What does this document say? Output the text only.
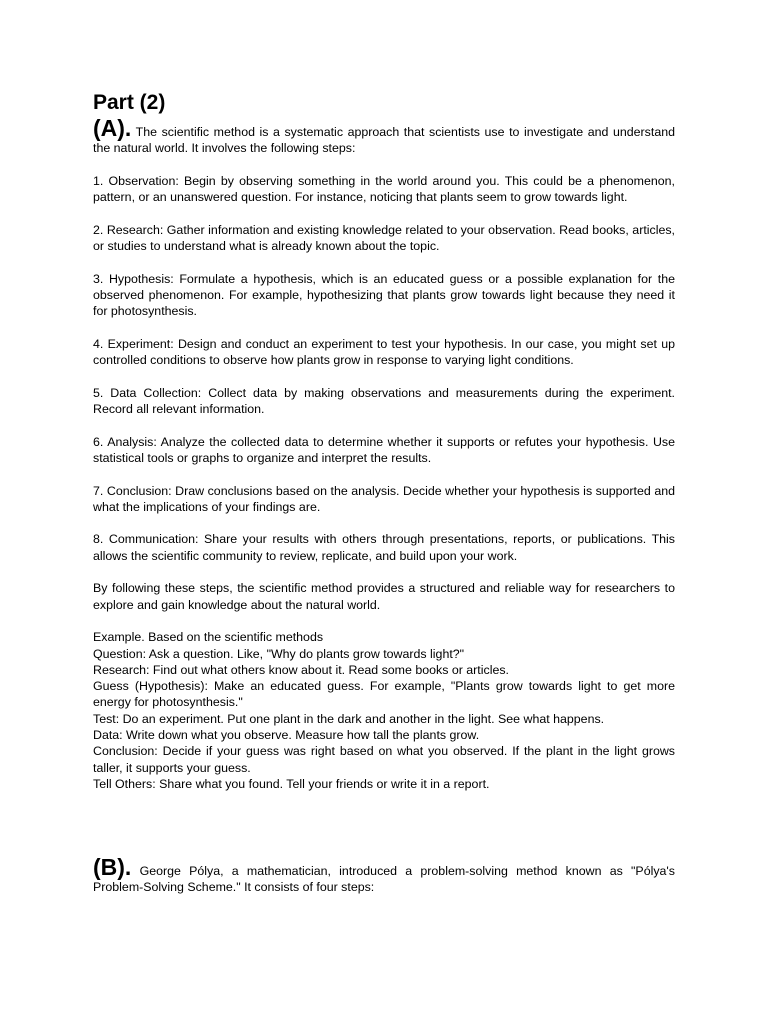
Part (2)

(A). The scientific method is a systematic approach that scientists use to investigate and understand the natural world. It involves the following steps:

1. Observation: Begin by observing something in the world around you. This could be a phenomenon, pattern, or an unanswered question. For instance, noticing that plants seem to grow towards light.

2. Research: Gather information and existing knowledge related to your observation. Read books, articles, or studies to understand what is already known about the topic.

3. Hypothesis: Formulate a hypothesis, which is an educated guess or a possible explanation for the observed phenomenon. For example, hypothesizing that plants grow towards light because they need it for photosynthesis.

4. Experiment: Design and conduct an experiment to test your hypothesis. In our case, you might set up controlled conditions to observe how plants grow in response to varying light conditions.

5. Data Collection: Collect data by making observations and measurements during the experiment. Record all relevant information.

6. Analysis: Analyze the collected data to determine whether it supports or refutes your hypothesis. Use statistical tools or graphs to organize and interpret the results.

7. Conclusion: Draw conclusions based on the analysis. Decide whether your hypothesis is supported and what the implications of your findings are.

8. Communication: Share your results with others through presentations, reports, or publications. This allows the scientific community to review, replicate, and build upon your work.

By following these steps, the scientific method provides a structured and reliable way for researchers to explore and gain knowledge about the natural world.

Example. Based on the scientific methods

Question: Ask a question. Like, "Why do plants grow towards light?"

Research: Find out what others know about it. Read some books or articles.

Guess (Hypothesis): Make an educated guess. For example, "Plants grow towards light to get more energy for photosynthesis."

Test: Do an experiment. Put one plant in the dark and another in the light. See what happens.

Data: Write down what you observe. Measure how tall the plants grow.

Conclusion: Decide if your guess was right based on what you observed. If the plant in the light grows taller, it supports your guess.

Tell Others: Share what you found. Tell your friends or write it in a report.

(B). George Pólya, a mathematician, introduced a problem-solving method known as "Pólya's Problem-Solving Scheme." It consists of four steps:
